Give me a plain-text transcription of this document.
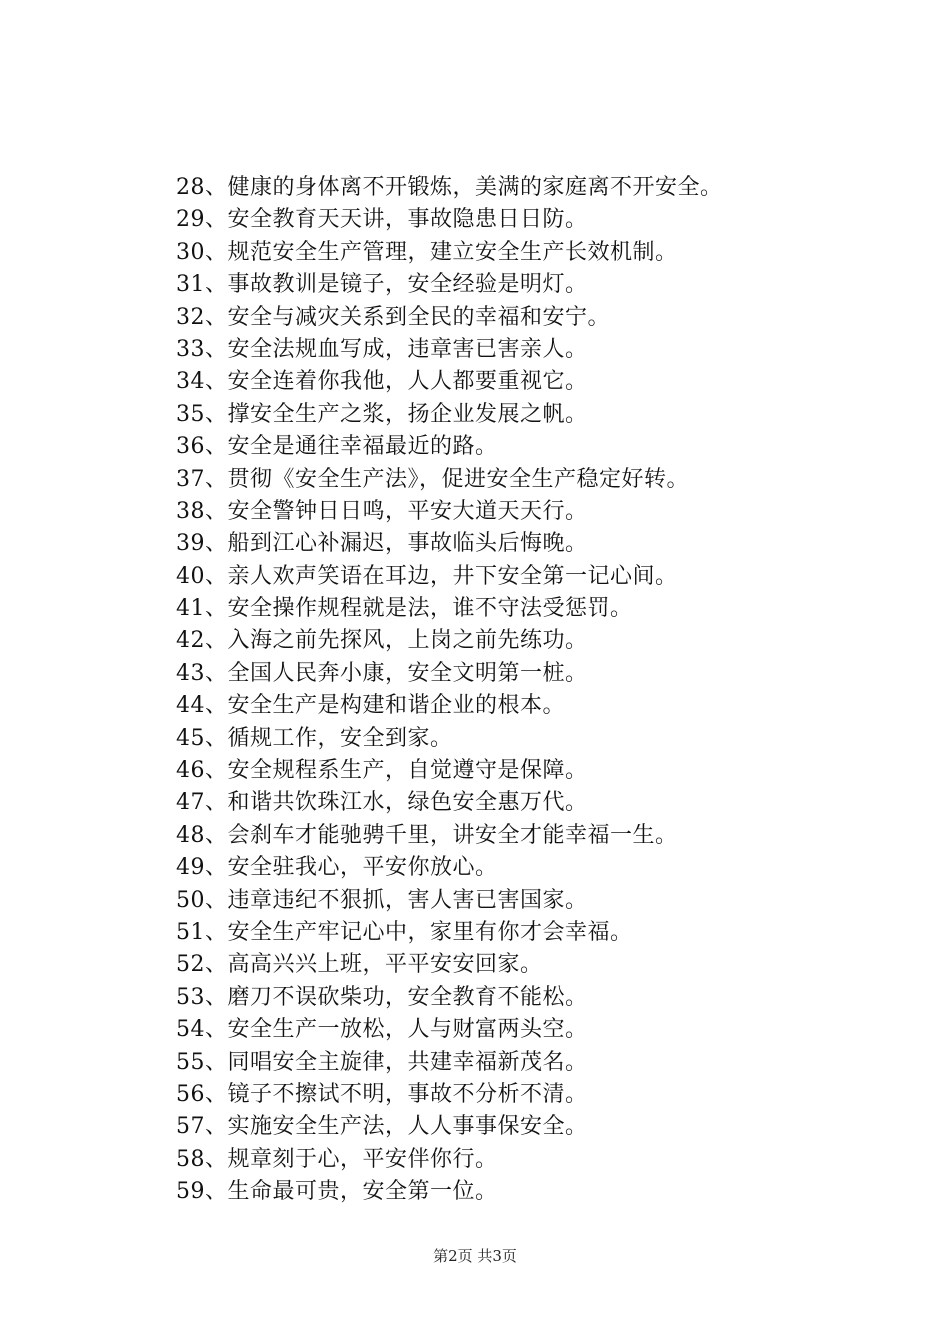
28、健康的身体离不开锻炼，美满的家庭离不开安全。
29、安全教育天天讲，事故隐患日日防。
30、规范安全生产管理，建立安全生产长效机制。
31、事故教训是镜子，安全经验是明灯。
32、安全与减灾关系到全民的幸福和安宁。
33、安全法规血写成，违章害已害亲人。
34、安全连着你我他，人人都要重视它。
35、撑安全生产之浆，扬企业发展之帆。
36、安全是通往幸福最近的路。
37、贯彻《安全生产法》，促进安全生产稳定好转。
38、安全警钟日日鸣，平安大道天天行。
39、船到江心补漏迟，事故临头后悔晚。
40、亲人欢声笑语在耳边，井下安全第一记心间。
41、安全操作规程就是法，谁不守法受惩罚。
42、入海之前先探风，上岗之前先练功。
43、全国人民奔小康，安全文明第一桩。
44、安全生产是构建和谐企业的根本。
45、循规工作，安全到家。
46、安全规程系生产，自觉遵守是保障。
47、和谐共饮珠江水，绿色安全惠万代。
48、会刹车才能驰骋千里，讲安全才能幸福一生。
49、安全驻我心，平安你放心。
50、违章违纪不狠抓，害人害已害国家。
51、安全生产牢记心中，家里有你才会幸福。
52、高高兴兴上班，平平安安回家。
53、磨刀不误砍柴功，安全教育不能松。
54、安全生产一放松，人与财富两头空。
55、同唱安全主旋律，共建幸福新茂名。
56、镜子不擦试不明，事故不分析不清。
57、实施安全生产法，人人事事保安全。
58、规章刻于心，平安伴你行。
59、生命最可贵，安全第一位。
第2页 共3页
